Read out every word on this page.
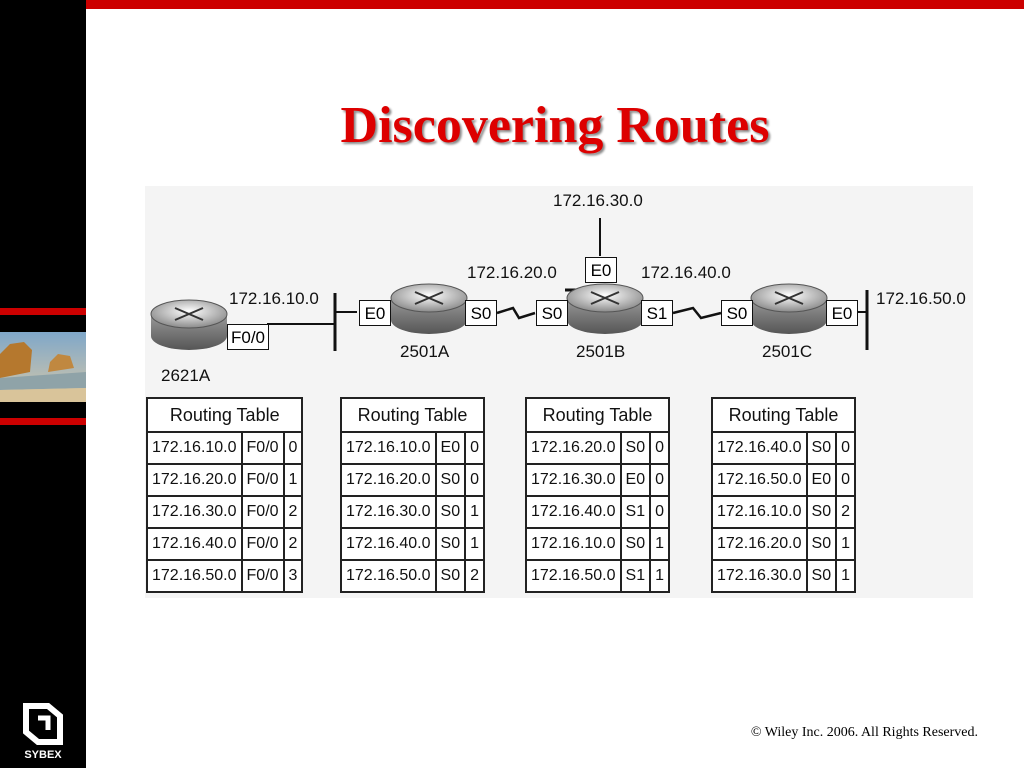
SYBEX
Discovering Routes
172.16.30.0
172.16.10.0
172.16.20.0	172.16.40.0
172.16.50.0
2621A
2501A	2501B	2501C
F0/0
E0	S0	S0
E0
S1	S0	E0
Routing Table		
172.16.10.0	F0/0	0
172.16.20.0	F0/0	1
172.16.30.0	F0/0	2
172.16.40.0	F0/0	2
172.16.50.0	F0/0	3
Routing Table		
172.16.10.0	E0	0
172.16.20.0	S0	0
172.16.30.0	S0	1
172.16.40.0	S0	1
172.16.50.0	S0	2
Routing Table		
172.16.20.0	S0	0
172.16.30.0	E0	0
172.16.40.0	S1	0
172.16.10.0	S0	1
172.16.50.0	S1	1
Routing Table		
172.16.40.0	S0	0
172.16.50.0	E0	0
172.16.10.0	S0	2
172.16.20.0	S0	1
172.16.30.0	S0	1
© Wiley Inc. 2006. All Rights Reserved.
